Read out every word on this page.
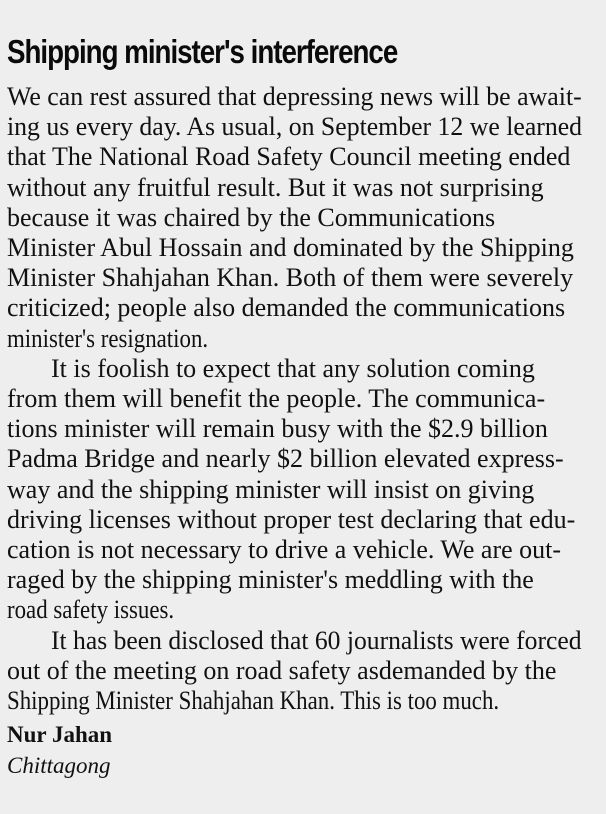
Shipping minister's interference

We can rest assured that depressing news will be await-

ing us every day. As usual, on September 12 we learned

that The National Road Safety Council meeting ended

without any fruitful result. But it was not surprising

because it was chaired by the Communications

Minister Abul Hossain and dominated by the Shipping

Minister Shahjahan Khan. Both of them were severely

criticized; people also demanded the communications

minister's resignation.

It is foolish to expect that any solution coming

from them will benefit the people. The communica-

tions minister will remain busy with the $2.9 billion

Padma Bridge and nearly $2 billion elevated express-

way and the shipping minister will insist on giving

driving licenses without proper test declaring that edu-

cation is not necessary to drive a vehicle. We are out-

raged by the shipping minister's meddling with the

road safety issues.

It has been disclosed that 60 journalists were forced

out of the meeting on road safety asdemanded by the

Shipping Minister Shahjahan Khan. This is too much.

Nur Jahan

Chittagong
